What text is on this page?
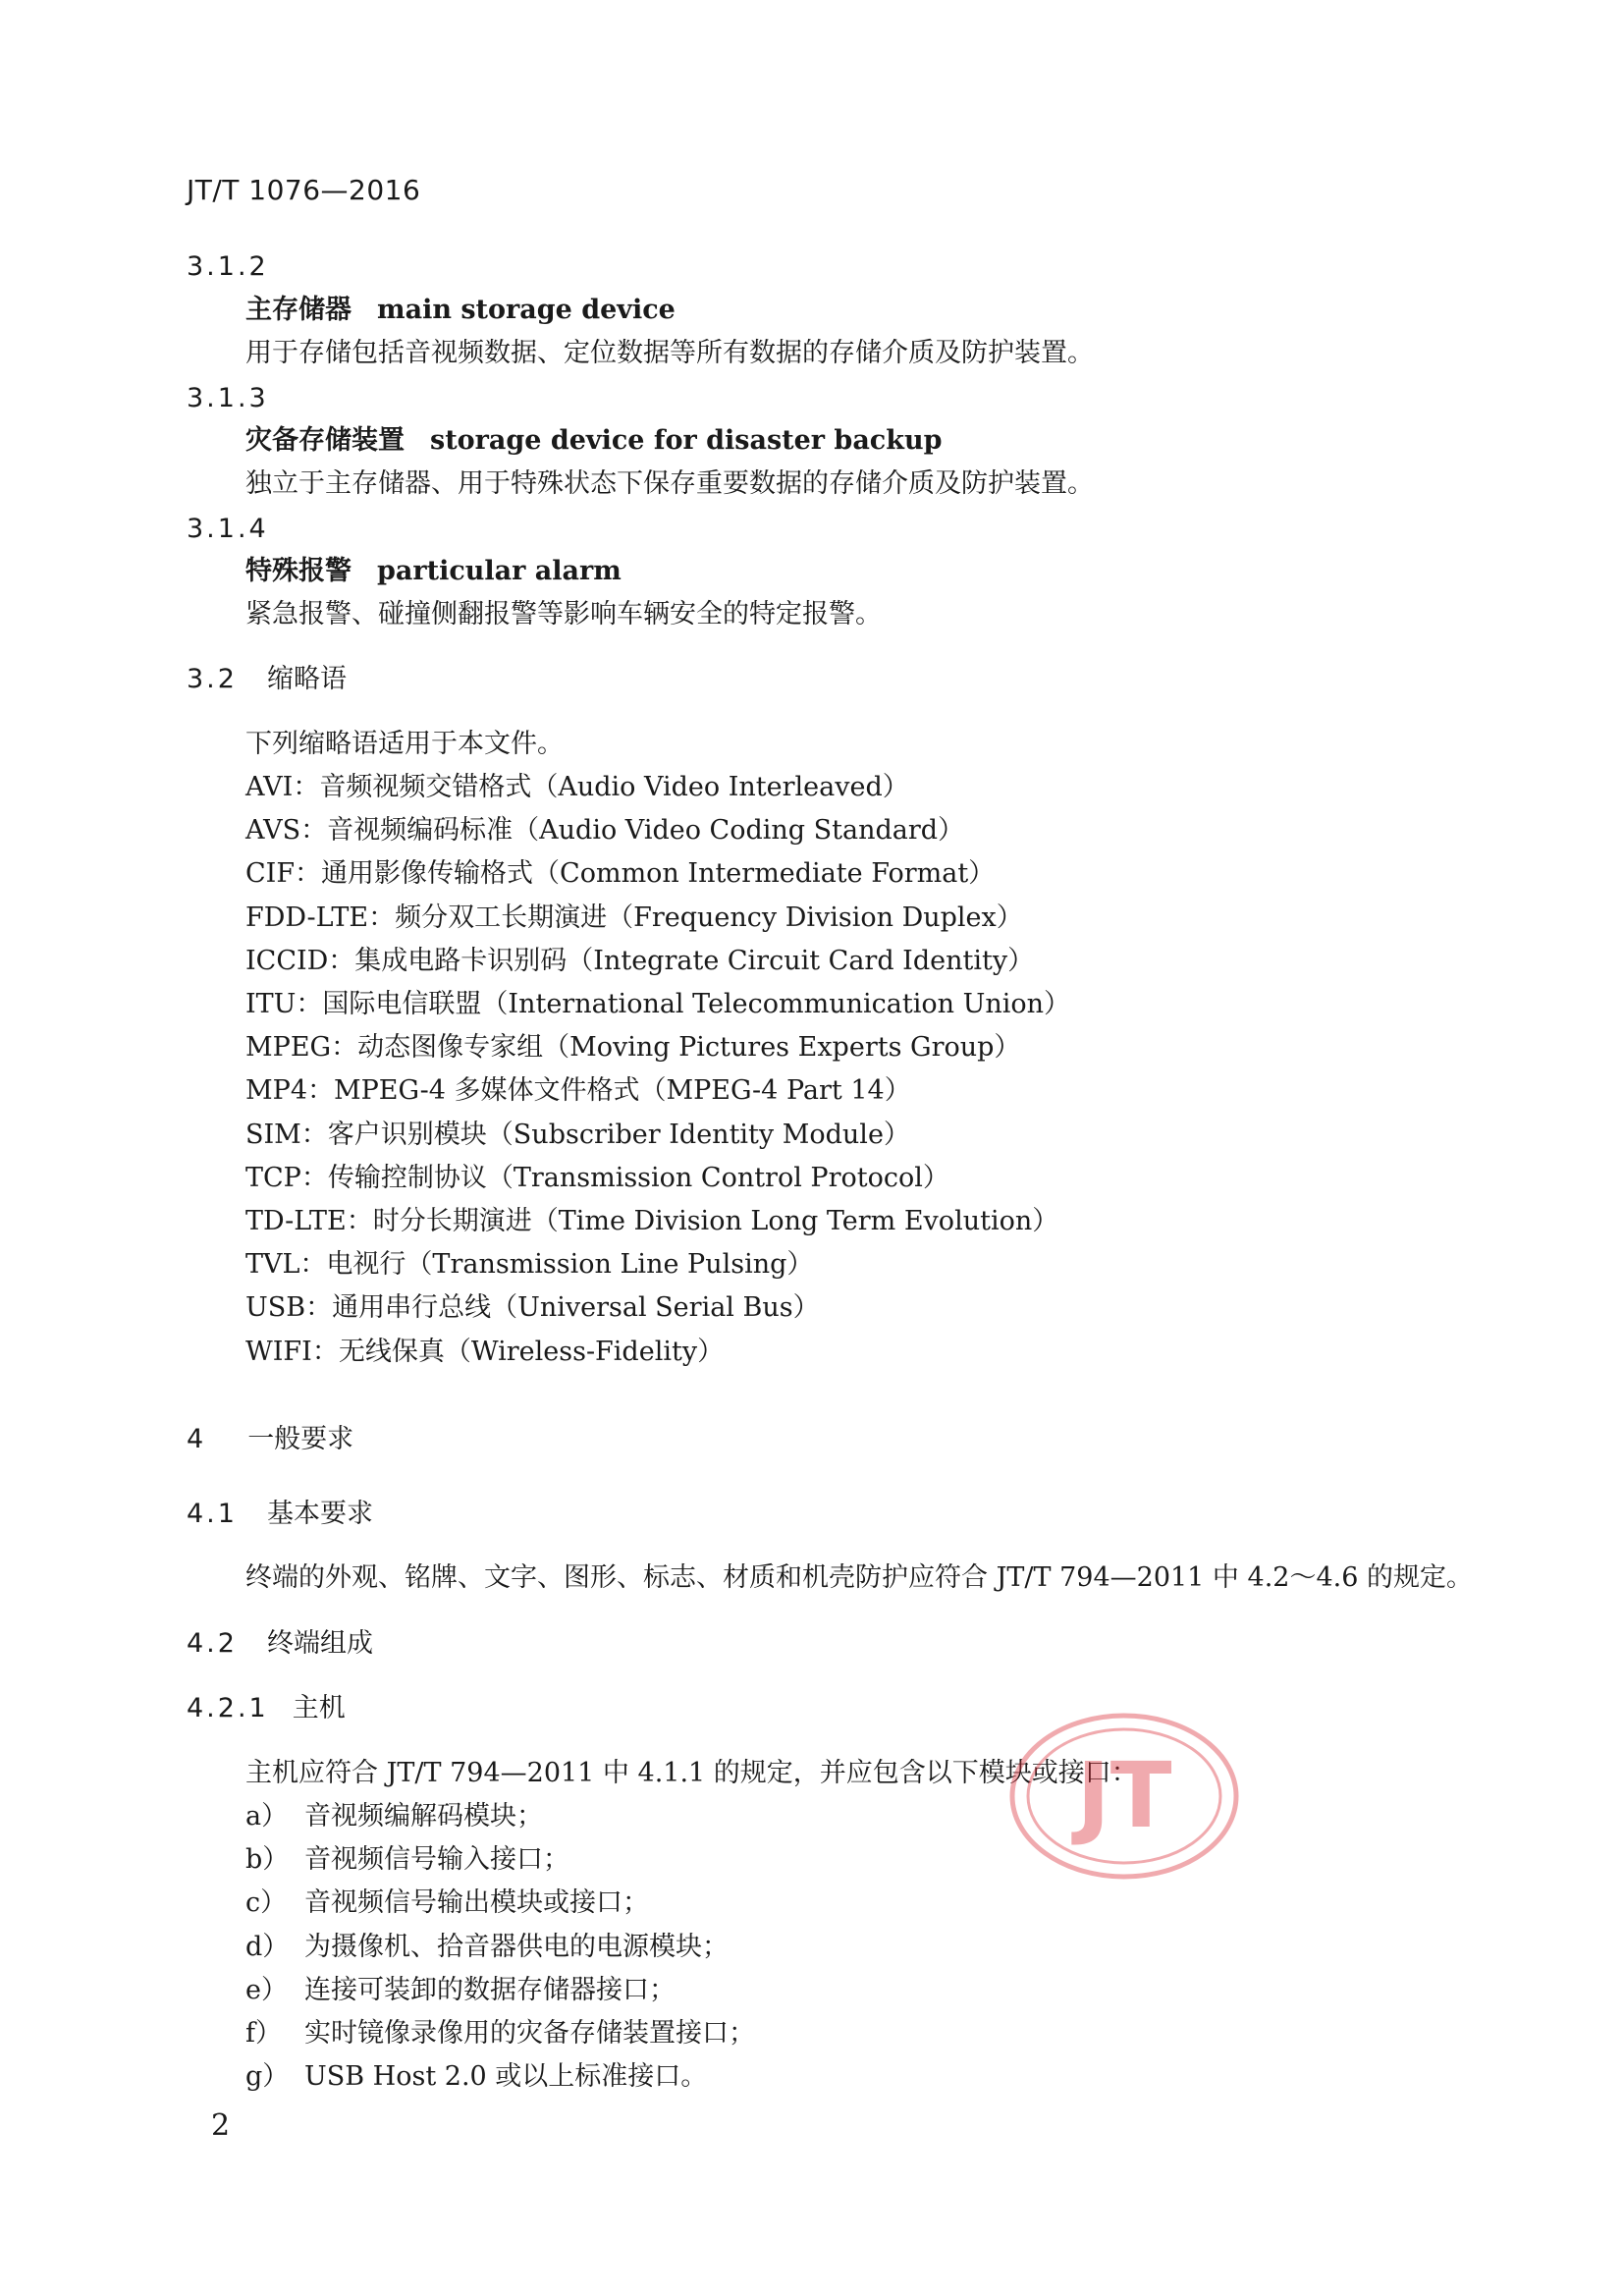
JT/T 1076—2016
3.1.2
主存储器 main storage device
用于存储包括音视频数据、定位数据等所有数据的存储介质及防护装置。
3.1.3
灾备存储装置 storage device for disaster backup
独立于主存储器、用于特殊状态下保存重要数据的存储介质及防护装置。
3.1.4
特殊报警 particular alarm
紧急报警、碰撞侧翻报警等影响车辆安全的特定报警。
3.2 缩略语
下列缩略语适用于本文件。
AVI：音频视频交错格式（Audio Video Interleaved）
AVS：音视频编码标准（Audio Video Coding Standard）
CIF：通用影像传输格式（Common Intermediate Format）
FDD-LTE：频分双工长期演进（Frequency Division Duplex）
ICCID：集成电路卡识别码（Integrate Circuit Card Identity）
ITU：国际电信联盟（International Telecommunication Union）
MPEG：动态图像专家组（Moving Pictures Experts Group）
MP4：MPEG-4 多媒体文件格式（MPEG-4 Part 14）
SIM：客户识别模块（Subscriber Identity Module）
TCP：传输控制协议（Transmission Control Protocol）
TD-LTE：时分长期演进（Time Division Long Term Evolution）
TVL：电视行（Transmission Line Pulsing）
USB：通用串行总线（Universal Serial Bus）
WIFI：无线保真（Wireless-Fidelity）
4 一般要求
4.1 基本要求
终端的外观、铭牌、文字、图形、标志、材质和机壳防护应符合 JT/T 794—2011 中 4.2～4.6 的规定。
4.2 终端组成
4.2.1 主机
主机应符合 JT/T 794—2011 中 4.1.1 的规定，并应包含以下模块或接口：
a） 音视频编解码模块；
b） 音视频信号输入接口；
c） 音视频信号输出模块或接口；
d） 为摄像机、拾音器供电的电源模块；
e） 连接可装卸的数据存储器接口；
f） 实时镜像录像用的灾备存储装置接口；
g） USB Host 2.0 或以上标准接口。
JT
2
